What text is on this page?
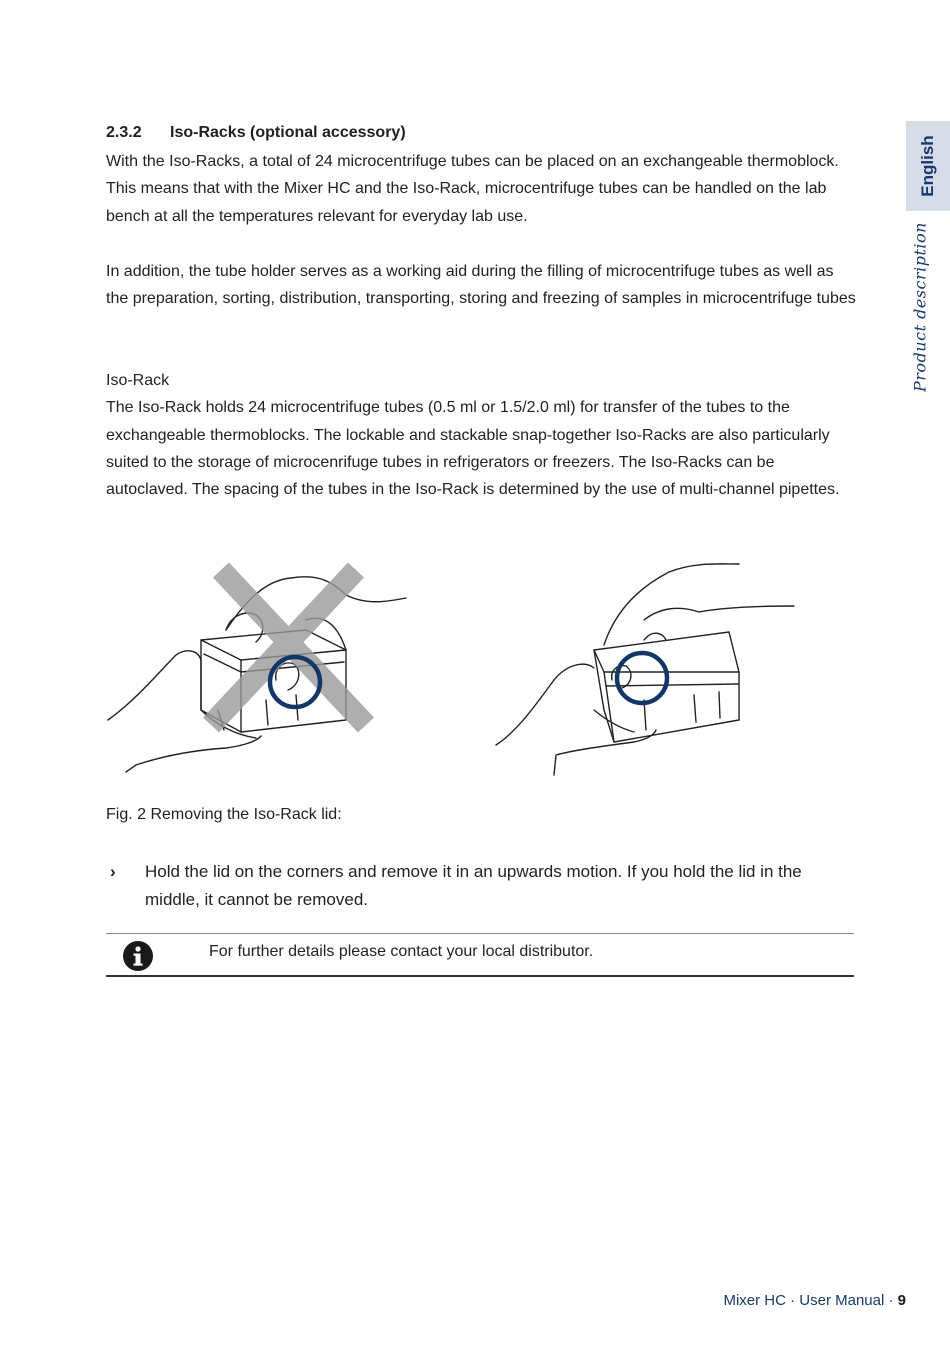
English
Product description
2.3.2 Iso-Racks (optional accessory)

With the Iso-Racks, a total of 24 microcentrifuge tubes can be placed on an exchangeable thermoblock. This means that with the Mixer HC and the Iso-Rack, microcentrifuge tubes can be handled on the lab bench at all the temperatures relevant for everyday lab use.

In addition, the tube holder serves as a working aid during the filling of microcentrifuge tubes as well as the preparation, sorting, distribution, transporting, storing and freezing of samples in microcentrifuge tubes

Iso-Rack

The Iso-Rack holds 24 microcentrifuge tubes (0.5 ml or 1.5/2.0 ml) for transfer of the tubes to the exchangeable thermoblocks. The lockable and stackable snap-together Iso-Racks are also particularly suited to the storage of microcenrifuge tubes in refrigerators or freezers. The Iso-Racks can be autoclaved. The spacing of the tubes in the Iso-Rack is determined by the use of multi-channel pipettes.

Fig. 2 Removing the Iso-Rack lid:
› Hold the lid on the corners and remove it in an upwards motion. If you hold the lid in the middle, it cannot be removed.
For further details please contact your local distributor.
Mixer HC · User Manual · 9
